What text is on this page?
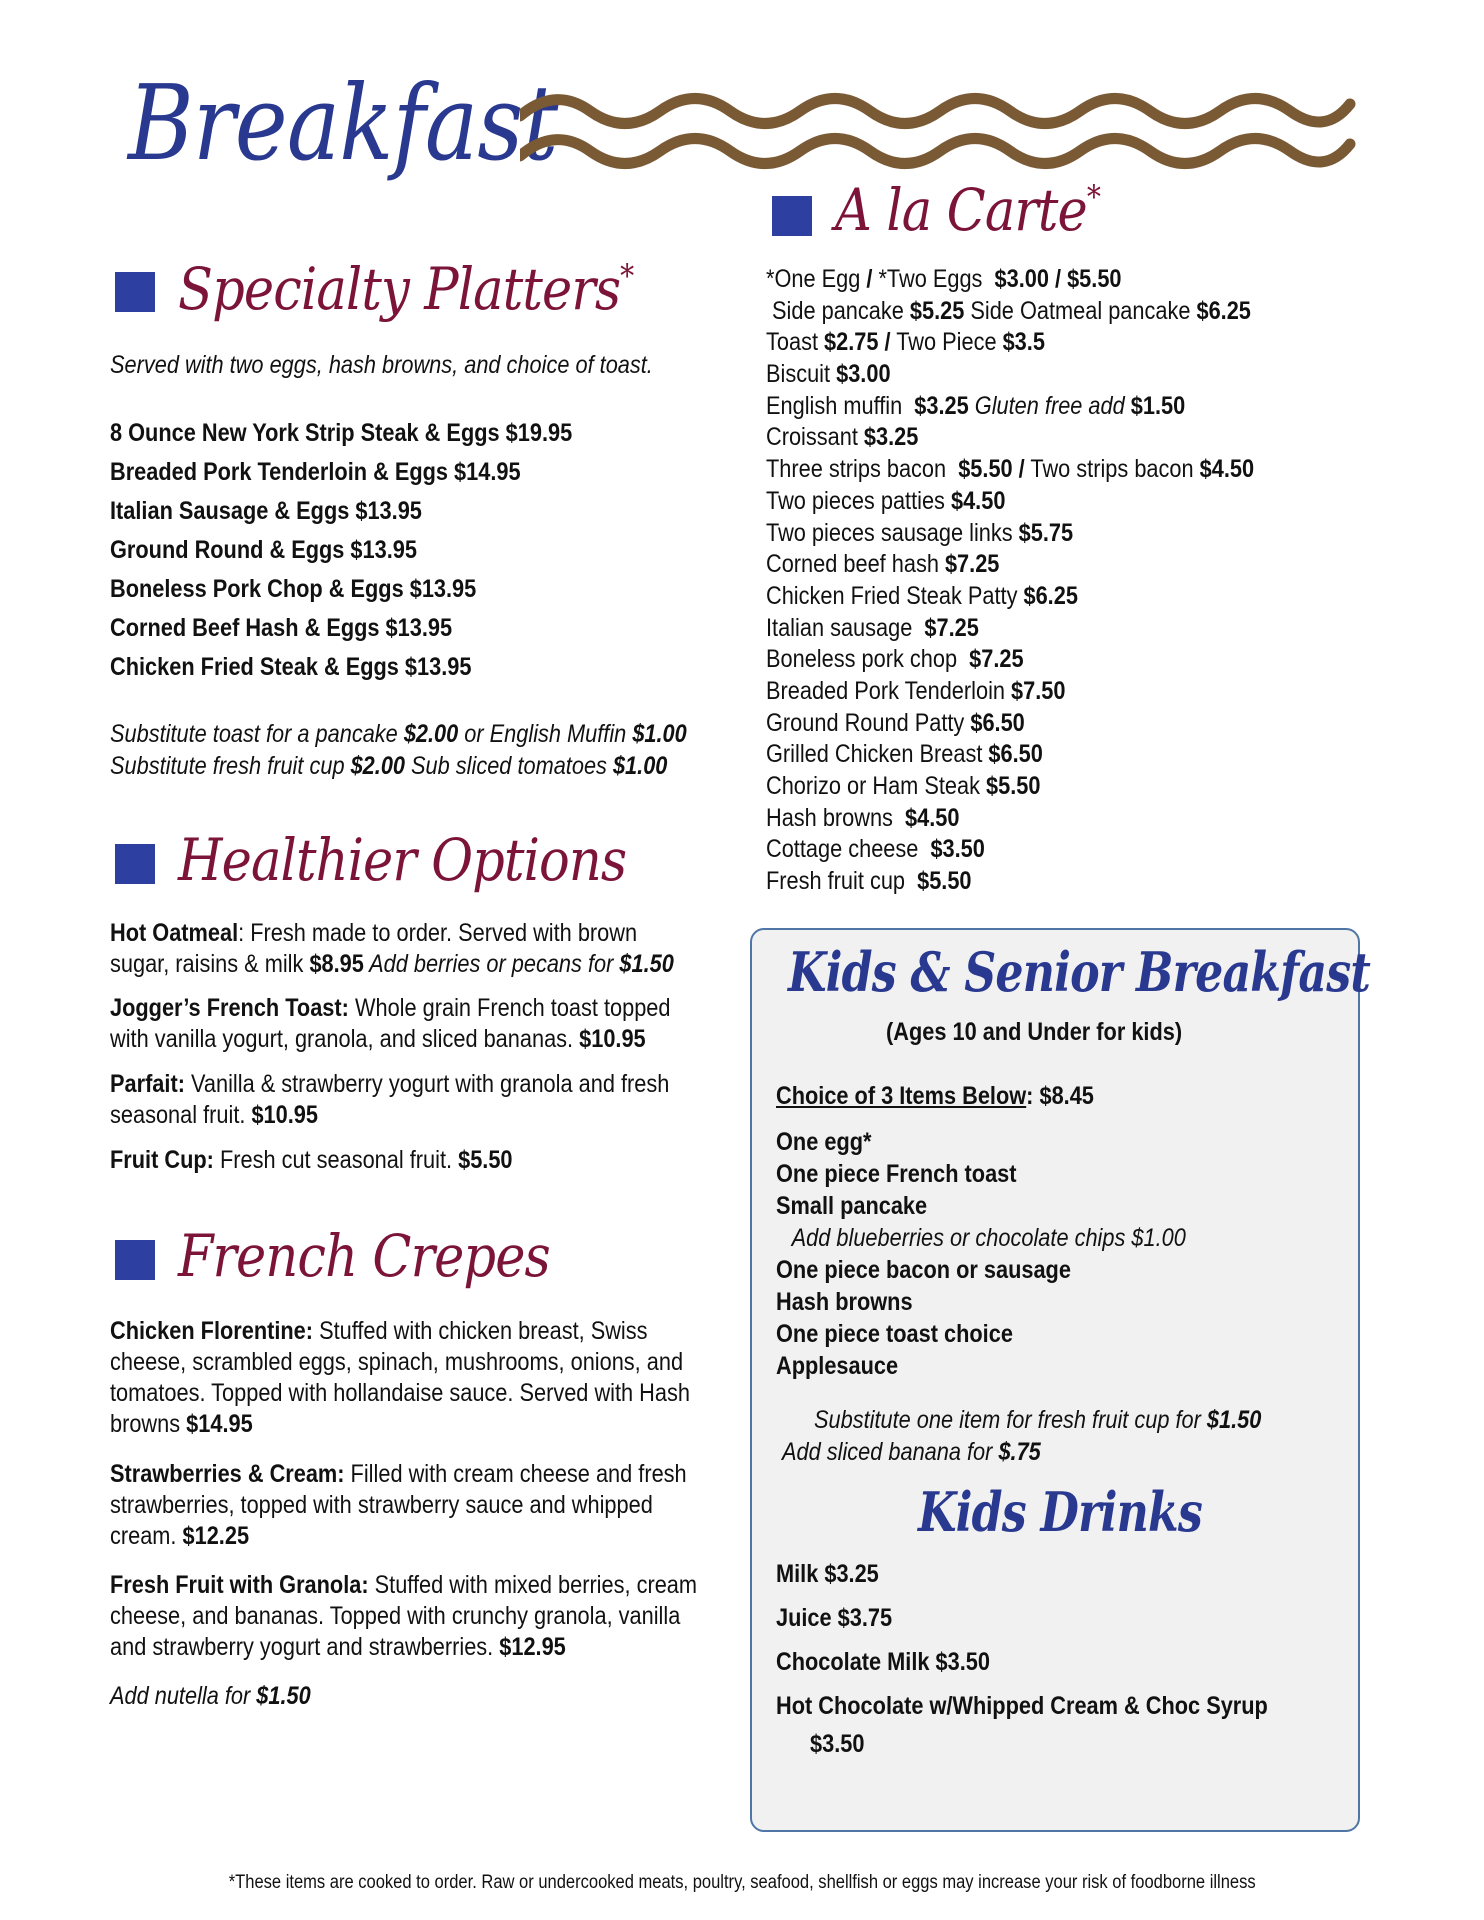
Breakfast
Specialty Platters*
Served with two eggs, hash browns, and choice of toast.
8 Ounce New York Strip Steak & Eggs $19.95
Breaded Pork Tenderloin & Eggs $14.95
Italian Sausage & Eggs $13.95
Ground Round & Eggs $13.95
Boneless Pork Chop & Eggs $13.95
Corned Beef Hash & Eggs $13.95
Chicken Fried Steak & Eggs $13.95
Substitute toast for a pancake $2.00 or English Muffin $1.00
Substitute fresh fruit cup $2.00 Sub sliced tomatoes $1.00
Healthier Options
Hot Oatmeal: Fresh made to order. Served with brown sugar, raisins & milk $8.95 Add berries or pecans for $1.50
Jogger’s French Toast: Whole grain French toast topped with vanilla yogurt, granola, and sliced bananas. $10.95
Parfait: Vanilla & strawberry yogurt with granola and fresh seasonal fruit. $10.95
Fruit Cup: Fresh cut seasonal fruit. $5.50
French Crepes
Chicken Florentine: Stuffed with chicken breast, Swiss cheese, scrambled eggs, spinach, mushrooms, onions, and tomatoes. Topped with hollandaise sauce. Served with Hash browns $14.95
Strawberries & Cream: Filled with cream cheese and fresh strawberries, topped with strawberry sauce and whipped cream. $12.25
Fresh Fruit with Granola: Stuffed with mixed berries, cream cheese, and bananas. Topped with crunchy granola, vanilla and strawberry yogurt and strawberries. $12.95
Add nutella for $1.50
A la Carte*
*One Egg / *Two Eggs  $3.00 / $5.50
Side pancake $5.25 Side Oatmeal pancake $6.25
Toast $2.75 / Two Piece $3.5
Biscuit $3.00
English muffin  $3.25 Gluten free add $1.50
Croissant $3.25
Three strips bacon  $5.50 / Two strips bacon $4.50
Two pieces patties $4.50
Two pieces sausage links $5.75
Corned beef hash $7.25
Chicken Fried Steak Patty $6.25
Italian sausage  $7.25
Boneless pork chop  $7.25
Breaded Pork Tenderloin $7.50
Ground Round Patty $6.50
Grilled Chicken Breast $6.50
Chorizo or Ham Steak $5.50
Hash browns  $4.50
Cottage cheese  $3.50
Fresh fruit cup  $5.50
Kids & Senior Breakfast
(Ages 10 and Under for kids)
Choice of 3 Items Below: $8.45
One egg*
One piece French toast
Small pancake
Add blueberries or chocolate chips $1.00
One piece bacon or sausage
Hash browns
One piece toast choice
Applesauce
Substitute one item for fresh fruit cup for $1.50
Add sliced banana for $.75
Kids Drinks
Milk $3.25
Juice $3.75
Chocolate Milk $3.50
Hot Chocolate w/Whipped Cream & Choc Syrup
$3.50
*These items are cooked to order. Raw or undercooked meats, poultry, seafood, shellfish or eggs may increase your risk of foodborne illness
